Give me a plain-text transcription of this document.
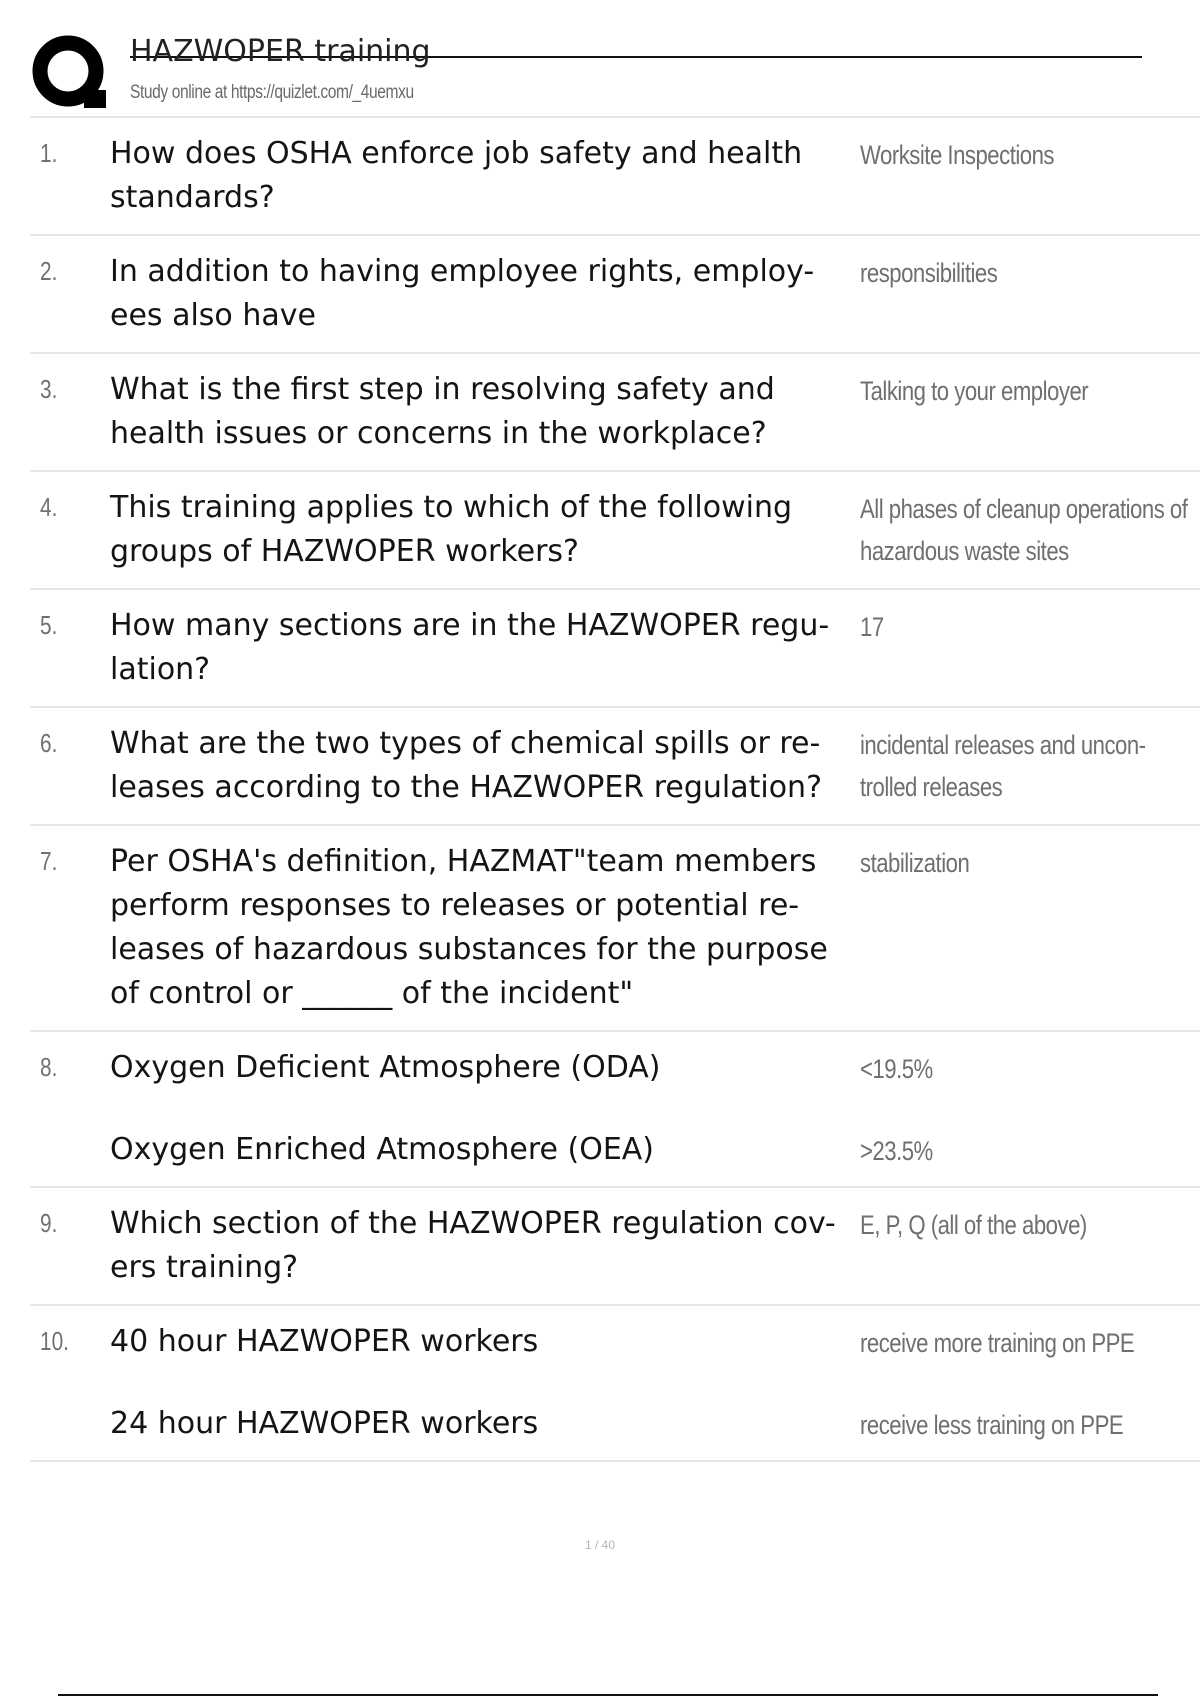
HAZWOPER training
Study online at https://quizlet.com/_4uemxu
1. How does OSHA enforce job safety and health standards?
Worksite Inspections
2. In addition to having employee rights, employ-ees also have
responsibilities
3. What is the first step in resolving safety and health issues or concerns in the workplace?
Talking to your employer
4. This training applies to which of the following groups of HAZWOPER workers?
All phases of cleanup operations of hazardous waste sites
5. How many sections are in the HAZWOPER regu-lation?
17
6. What are the two types of chemical spills or re-leases according to the HAZWOPER regulation?
incidental releases and uncon-trolled releases
7. Per OSHA's definition, HAZMAT"team members perform responses to releases or potential re-leases of hazardous substances for the purpose of control or ______ of the incident"
stabilization
8. Oxygen Deficient Atmosphere (ODA)	<19.5%
Oxygen Enriched Atmosphere (OEA)	>23.5%
9. Which section of the HAZWOPER regulation cov-ers training?
E, P, Q (all of the above)
10. 40 hour HAZWOPER workers	receive more training on PPE
24 hour HAZWOPER workers	receive less training on PPE
1 / 40
